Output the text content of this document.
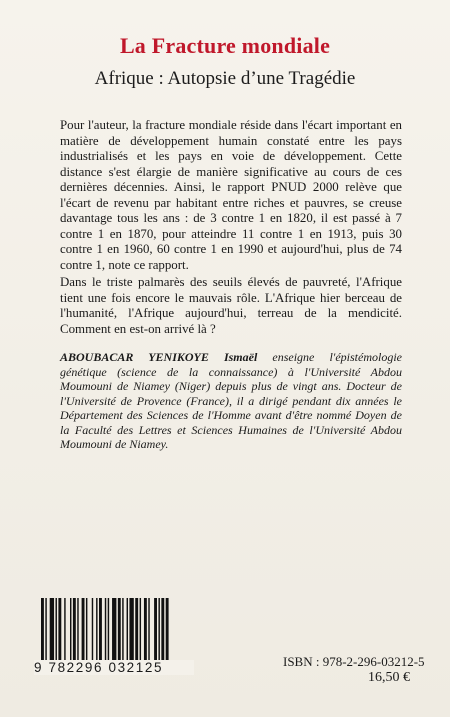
La Fracture mondiale
Afrique : Autopsie d’une Tragédie

Pour l'auteur, la fracture mondiale réside dans l'écart important en matière de développement humain constaté entre les pays industrialisés et les pays en voie de développement. Cette distance s'est élargie de manière significative au cours de ces dernières décennies. Ainsi, le rapport PNUD 2000 relève que l'écart de revenu par habitant entre riches et pauvres, se creuse davantage tous les ans : de 3 contre 1 en 1820, il est passé à 7 contre 1 en 1870, pour atteindre 11 contre 1 en 1913, puis 30 contre 1 en 1960, 60 contre 1 en 1990 et aujourd'hui, plus de 74 contre 1, note ce rapport.

Dans le triste palmarès des seuils élevés de pauvreté, l'Afrique tient une fois encore le mauvais rôle. L'Afrique hier berceau de l'humanité, l'Afrique aujourd'hui, terreau de la mendicité. Comment en est-on arrivé là ?

ABOUBACAR YENIKOYE Ismaël enseigne l'épistémologie génétique (science de la connaissance) à l'Université Abdou Moumouni de Niamey (Niger) depuis plus de vingt ans. Docteur de l'Université de Provence (France), il a dirigé pendant dix années le Département des Sciences de l'Homme avant d'être nommé Doyen de la Faculté des Lettres et Sciences Humaines de l'Université Abdou Moumouni de Niamey.
9 782296 032125	ISBN : 978-2-296-03212-5
16,50 €
